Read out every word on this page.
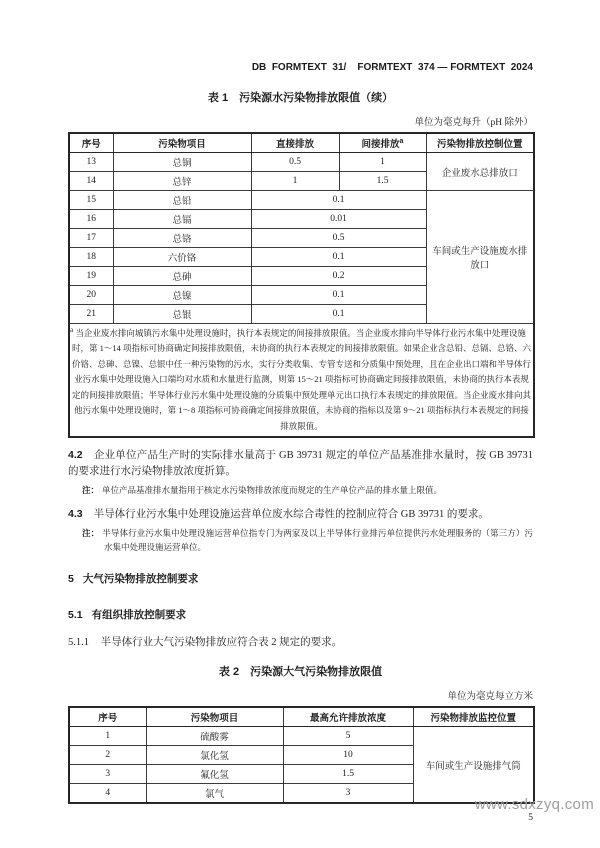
DB  FORMTEXT  31/    FORMTEXT  374 — FORMTEXT  2024
表 1　污染源水污染物排放限值（续）
单位为毫克每升（pH 除外）
序号	污染物项目	直接排放	间接排放$^a$	污染物排放控制位置
13	总铜	0.5	1	企业废水总排放口
14	总锌	1	1.5	
15	总铅	0.1		车间或生产设施废水排放口
16	总镉	0.01		
17	总铬	0.5		
18	六价铬	0.1		
19	总砷	0.2		
20	总镍	0.1		
21	总银	0.1		
$^a$ 当企业废水排向城镇污水集中处理设施时，执行本表规定的间接排放限值。当企业废水排向半导体行业污水集中处理设施时，第 1～14 项指标可协商确定间接排放限值，未协商的执行本表规定的间接排放限值。如果企业含总铅、总镉、总铬、六价铬、总砷、总镍、总银中任一种污染物的污水，实行分类收集、专管专送和分质集中预处理，且在企业出口端和半导体行业污水集中处理设施入口端均对水质和水量进行监测，则第 15～21 项指标可协商确定间接排放限值，未协商的执行本表规定的间接排放限值；半导体行业污水集中处理设施的分质集中预处理单元出口执行本表规定的排放限值。当企业废水排向其他污水集中处理设施时，第 1～8 项指标可协商确定间接排放限值，未协商的指标以及第 9～21 项指标执行本表规定的间接排放限值。				
4.2 企业单位产品生产时的实际排水量高于 GB 39731 规定的单位产品基准排水量时，按 GB 39731 的要求进行水污染物排放浓度折算。
注： 单位产品基准排水量指用于核定水污染物排放浓度而规定的生产单位产品的排水量上限值。
4.3 半导体行业污水集中处理设施运营单位废水综合毒性的控制应符合 GB 39731 的要求。
注： 半导体行业污水集中处理设施运营单位指专门为两家及以上半导体行业排污单位提供污水处理服务的（第三方）污水集中处理设施运营单位。
5 大气污染物排放控制要求
5.1 有组织排放控制要求
5.1.1 半导体行业大气污染物排放应符合表 2 规定的要求。
表 2　污染源大气污染物排放限值
单位为毫克每立方米
序号	污染物项目	最高允许排放浓度	污染物排放监控位置
1	硫酸雾	5	车间或生产设施排气筒
2	氯化氢	10	
3	氟化氢	1.5	
4	氯气	3	
5
www.sdxzyq.com
